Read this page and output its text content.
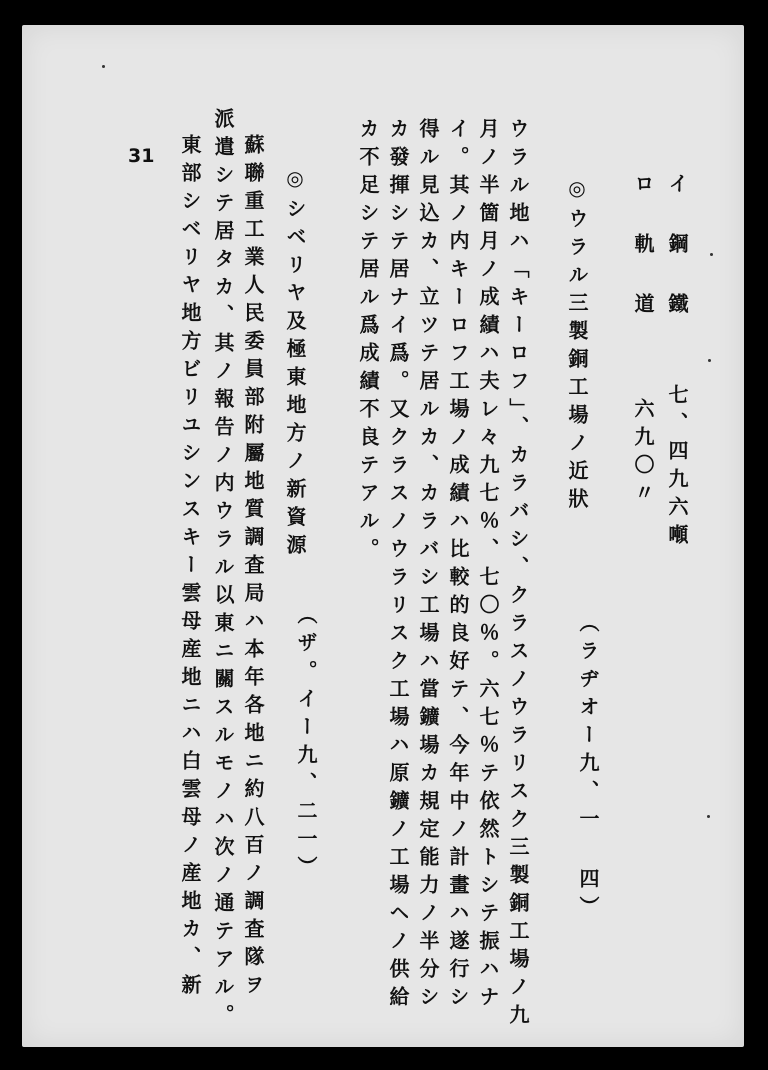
イ 鋼 鐵
七、四九六噸
ロ 軌 道
六九〇〃
◎ウラル三製銅工場ノ近狀
（ラヂオー九、一 四）
ウラル地ハ「キーロフ」、カラバシ、クラスノウラリスク三製銅工場ノ九
月ノ半箇月ノ成績ハ夫レ々九七％、七〇％。六七％テ依然トシテ振ハナ
イ。其ノ内キーロフ工場ノ成績ハ比較的良好テ、今年中ノ計畫ハ遂行シ
得ル見込カ、立ツテ居ルカ、カラバシ工場ハ當鑛場カ規定能力ノ半分シ
カ發揮シテ居ナイ爲。又クラスノウラリスク工場ハ原鑛ノ工場ヘノ供給
カ不足シテ居ル爲成績不良テアル。
◎シベリヤ及極東地方ノ新資源
（ザ。イー九、二一）
蘇聯重工業人民委員部附屬地質調査局ハ本年各地ニ約八百ノ調査隊ヲ
派遣シテ居タカ、其ノ報告ノ内ウラル以東ニ關スルモノハ次ノ通テアル。
東部シベリヤ地方ビリユシンスキー雲母産地ニハ白雲母ノ産地カ、新
31
